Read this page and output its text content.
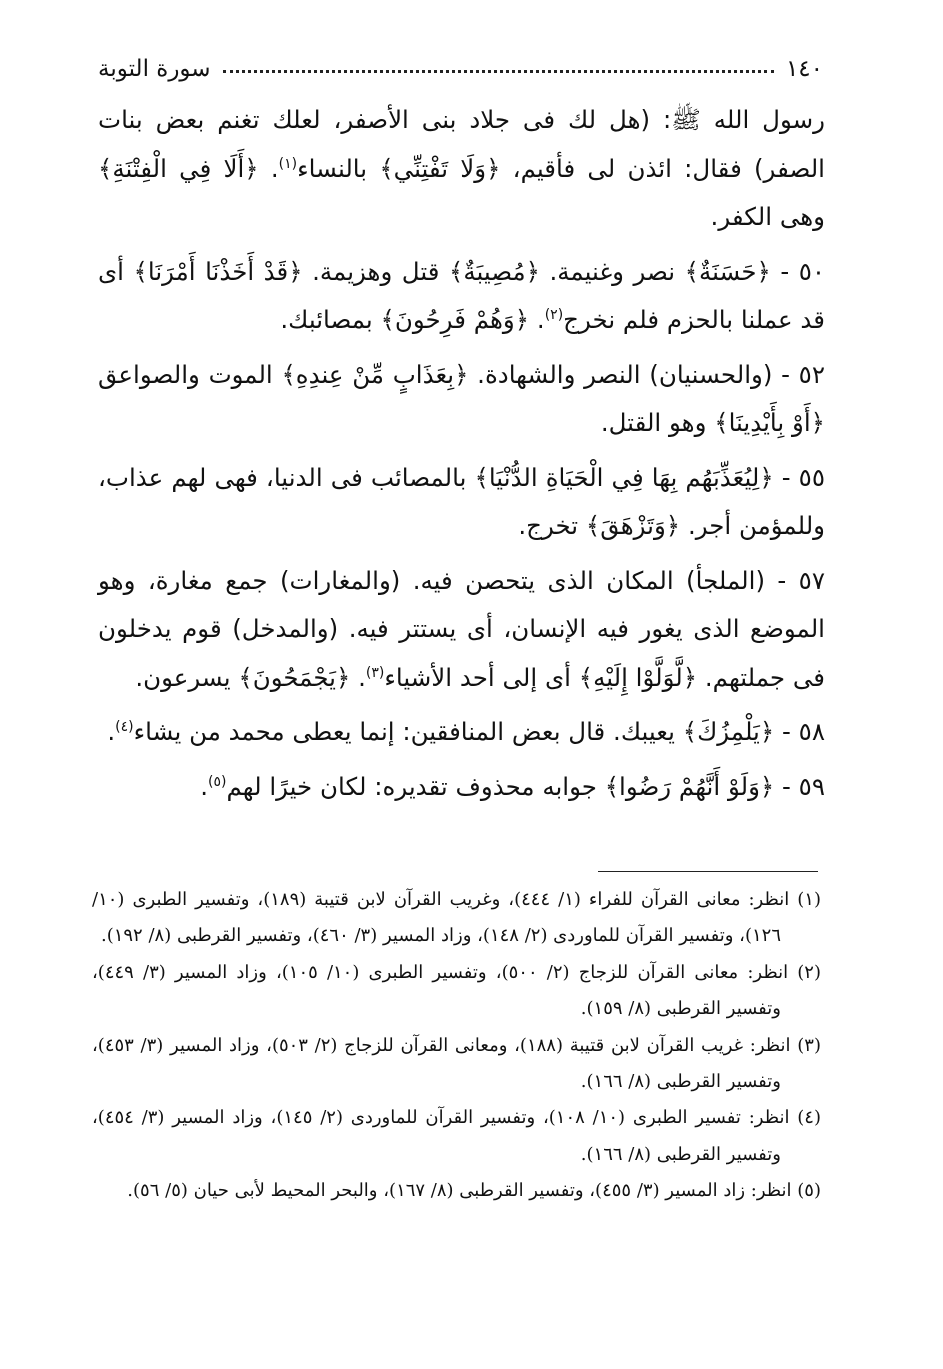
١٤٠
سورة التوبة

رسول الله ﷺ: (هل لك فى جلاد بنى الأصفر، لعلك تغنم بعض بنات الصفر) فقال: ائذن لى فأقيم، ﴿وَلَا تَفْتِنِّي﴾ بالنساء$^{(١)}$. ﴿أَلَا فِي الْفِتْنَةِ﴾ وهى الكفر.

٥٠ - ﴿حَسَنَةٌ﴾ نصر وغنيمة. ﴿مُصِيبَةٌ﴾ قتل وهزيمة. ﴿قَدْ أَخَذْنَا أَمْرَنَا﴾ أى قد عملنا بالحزم فلم نخرج$^{(٢)}$. ﴿وَهُمْ فَرِحُونَ﴾ بمصائبك.

٥٢ - (والحسنيان) النصر والشهادة. ﴿بِعَذَابٍ مِّنْ عِندِهِ﴾ الموت والصواعق ﴿أَوْ بِأَيْدِينَا﴾ وهو القتل.

٥٥ - ﴿لِيُعَذِّبَهُم بِهَا فِي الْحَيَاةِ الدُّنْيَا﴾ بالمصائب فى الدنيا، فهى لهم عذاب، وللمؤمن أجر. ﴿وَتَزْهَقَ﴾ تخرج.

٥٧ - (الملجأ) المكان الذى يتحصن فيه. (والمغارات) جمع مغارة، وهو الموضع الذى يغور فيه الإنسان، أى يستتر فيه. (والمدخل) قوم يدخلون فى جملتهم. ﴿لَّوَلَّوْا إِلَيْهِ﴾ أى إلى أحد الأشياء$^{(٣)}$. ﴿يَجْمَحُونَ﴾ يسرعون.

٥٨ - ﴿يَلْمِزُكَ﴾ يعيبك. قال بعض المنافقين: إنما يعطى محمد من يشاء$^{(٤)}$.

٥٩ - ﴿وَلَوْ أَنَّهُمْ رَضُوا﴾ جوابه محذوف تقديره: لكان خيرًا لهم$^{(٥)}$.

(١) انظر: معانى القرآن للفراء (١/ ٤٤٤)، وغريب القرآن لابن قتيبة (١٨٩)، وتفسير الطبرى (١٠/ ١٢٦)، وتفسير القرآن للماوردى (٢/ ١٤٨)، وزاد المسير (٣/ ٤٦٠)، وتفسير القرطبى (٨/ ١٩٢).

(٢) انظر: معانى القرآن للزجاج (٢/ ٥٠٠)، وتفسير الطبرى (١٠/ ١٠٥)، وزاد المسير (٣/ ٤٤٩)، وتفسير القرطبى (٨/ ١٥٩).

(٣) انظر: غريب القرآن لابن قتيبة (١٨٨)، ومعانى القرآن للزجاج (٢/ ٥٠٣)، وزاد المسير (٣/ ٤٥٣)، وتفسير القرطبى (٨/ ١٦٦).

(٤) انظر: تفسير الطبرى (١٠/ ١٠٨)، وتفسير القرآن للماوردى (٢/ ١٤٥)، وزاد المسير (٣/ ٤٥٤)، وتفسير القرطبى (٨/ ١٦٦).

(٥) انظر: زاد المسير (٣/ ٤٥٥)، وتفسير القرطبى (٨/ ١٦٧)، والبحر المحيط لأبى حيان (٥/ ٥٦).
